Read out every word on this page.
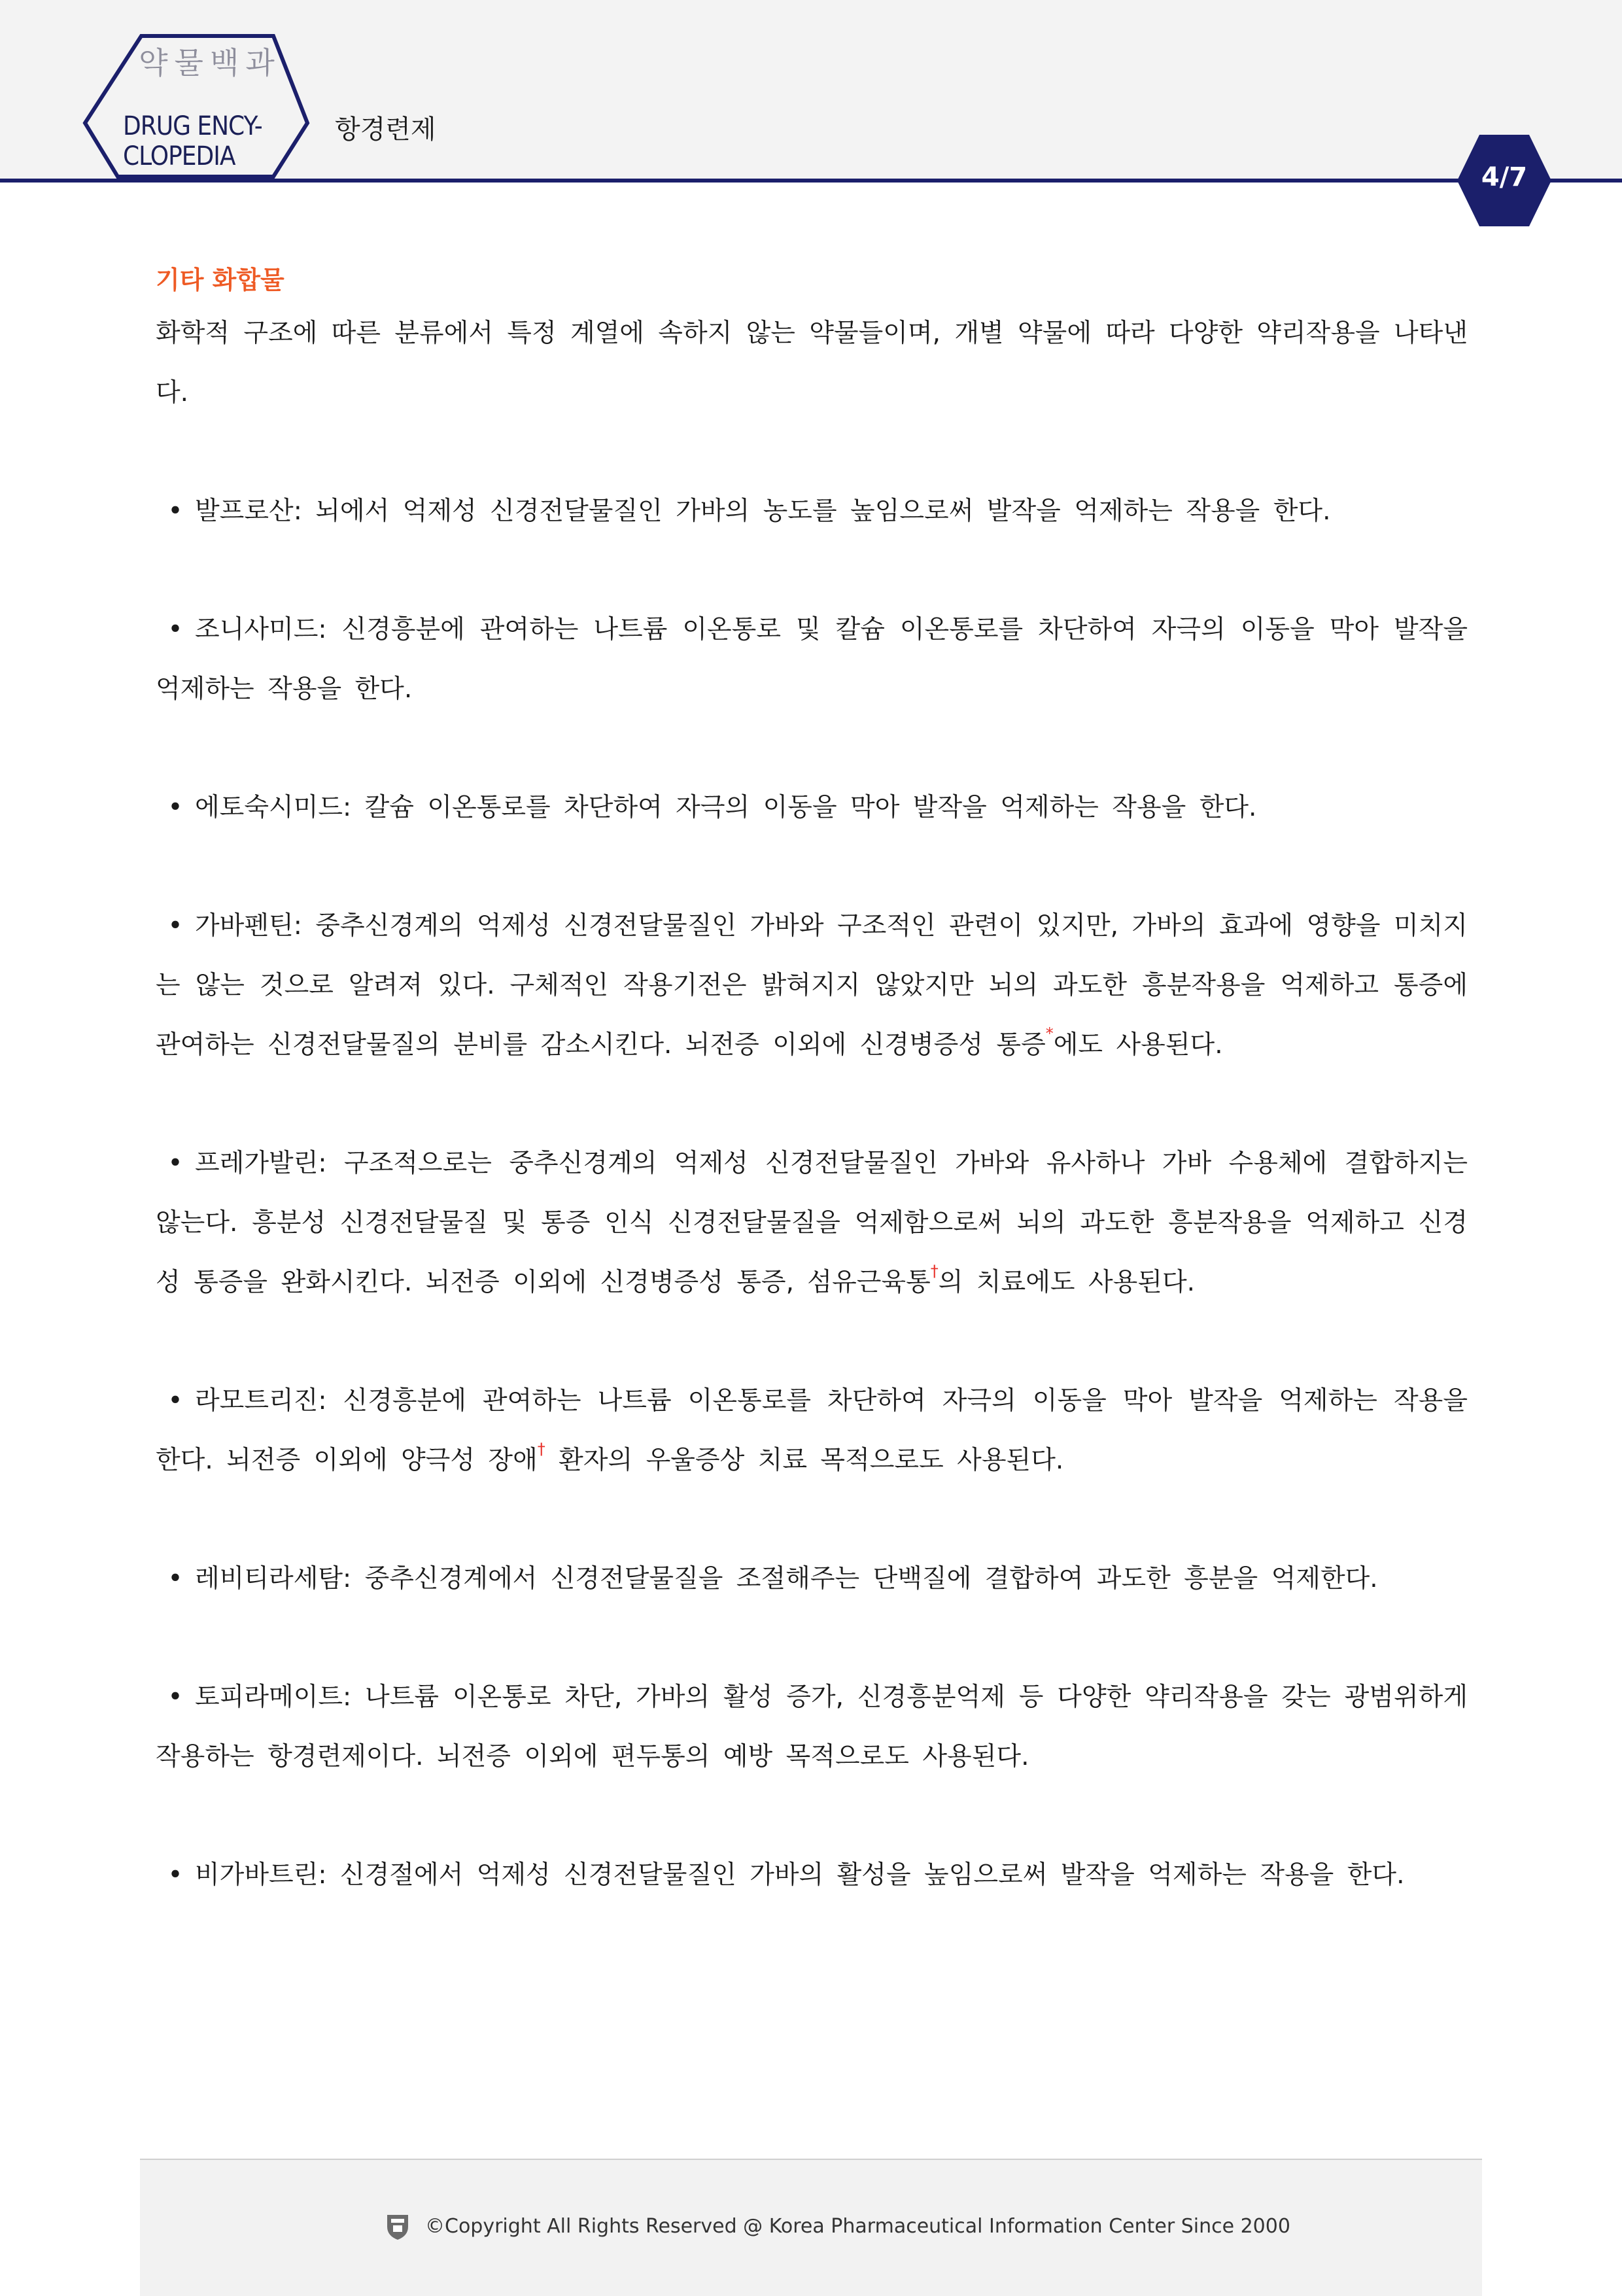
약물백과
DRUG ENCY-
CLOPEDIA
항경련제
4/7
기타 화합물

화학적 구조에 따른 분류에서 특정 계열에 속하지 않는 약물들이며, 개별 약물에 따라 다양한 약리작용을 나타낸다.

• 발프로산: 뇌에서 억제성 신경전달물질인 가바의 농도를 높임으로써 발작을 억제하는 작용을 한다.

• 조니사미드: 신경흥분에 관여하는 나트륨 이온통로 및 칼슘 이온통로를 차단하여 자극의 이동을 막아 발작을 억제하는 작용을 한다.

• 에토숙시미드: 칼슘 이온통로를 차단하여 자극의 이동을 막아 발작을 억제하는 작용을 한다.

• 가바펜틴: 중추신경계의 억제성 신경전달물질인 가바와 구조적인 관련이 있지만, 가바의 효과에 영향을 미치지는 않는 것으로 알려져 있다. 구체적인 작용기전은 밝혀지지 않았지만 뇌의 과도한 흥분작용을 억제하고 통증에 관여하는 신경전달물질의 분비를 감소시킨다. 뇌전증 이외에 신경병증성 통증*에도 사용된다.

• 프레가발린: 구조적으로는 중추신경계의 억제성 신경전달물질인 가바와 유사하나 가바 수용체에 결합하지는 않는다. 흥분성 신경전달물질 및 통증 인식 신경전달물질을 억제함으로써 뇌의 과도한 흥분작용을 억제하고 신경성 통증을 완화시킨다. 뇌전증 이외에 신경병증성 통증, 섬유근육통†의 치료에도 사용된다.

• 라모트리진: 신경흥분에 관여하는 나트륨 이온통로를 차단하여 자극의 이동을 막아 발작을 억제하는 작용을 한다. 뇌전증 이외에 양극성 장애† 환자의 우울증상 치료 목적으로도 사용된다.

• 레비티라세탐: 중추신경계에서 신경전달물질을 조절해주는 단백질에 결합하여 과도한 흥분을 억제한다.

• 토피라메이트: 나트륨 이온통로 차단, 가바의 활성 증가, 신경흥분억제 등 다양한 약리작용을 갖는 광범위하게 작용하는 항경련제이다. 뇌전증 이외에 편두통의 예방 목적으로도 사용된다.

• 비가바트린: 신경절에서 억제성 신경전달물질인 가바의 활성을 높임으로써 발작을 억제하는 작용을 한다.

©Copyright All Rights Reserved @ Korea Pharmaceutical Information Center Since 2000
